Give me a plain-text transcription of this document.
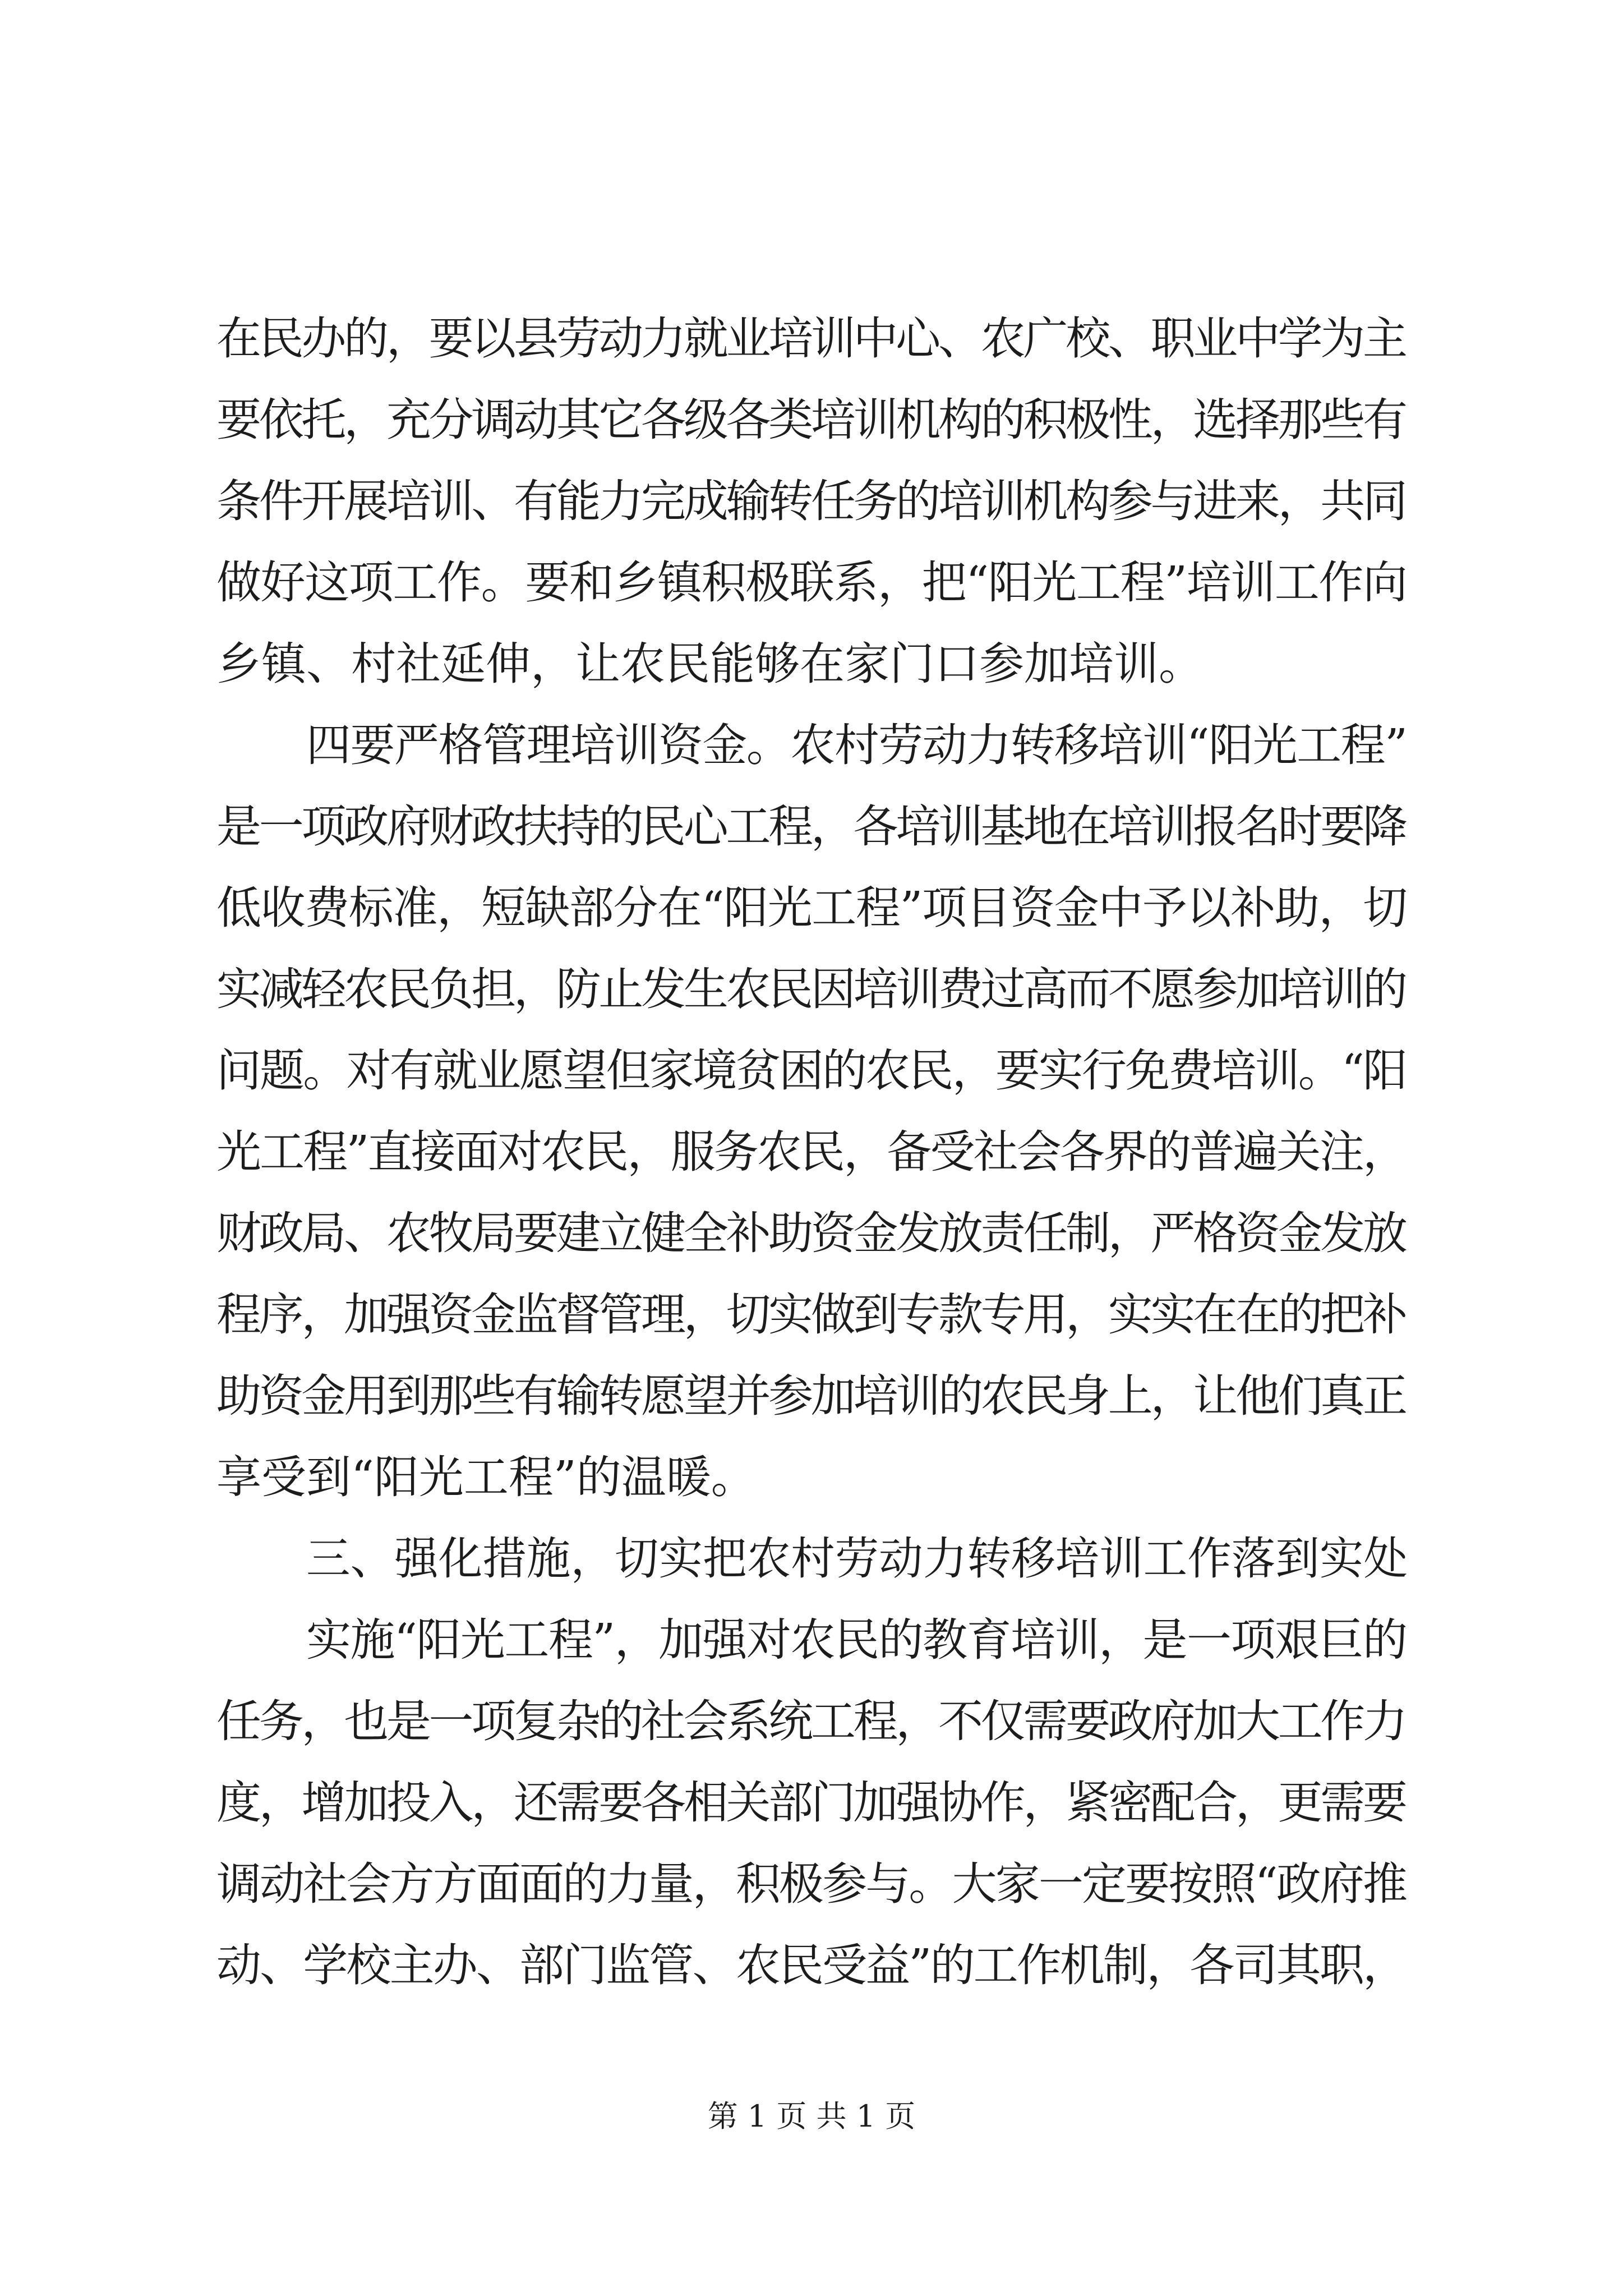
在民办的，要以县劳动力就业培训中心、农广校、职业中学为主
要依托，充分调动其它各级各类培训机构的积极性，选择那些有
条件开展培训、有能力完成输转任务的培训机构参与进来，共同
做好这项工作。要和乡镇积极联系，把“阳光工程”培训工作向
乡镇、村社延伸，让农民能够在家门口参加培训。
四要严格管理培训资金。农村劳动力转移培训“阳光工程”
是一项政府财政扶持的民心工程，各培训基地在培训报名时要降
低收费标准，短缺部分在“阳光工程”项目资金中予以补助，切
实减轻农民负担，防止发生农民因培训费过高而不愿参加培训的
问题。对有就业愿望但家境贫困的农民，要实行免费培训。“阳
光工程”直接面对农民，服务农民，备受社会各界的普遍关注，
财政局、农牧局要建立健全补助资金发放责任制，严格资金发放
程序，加强资金监督管理，切实做到专款专用，实实在在的把补
助资金用到那些有输转愿望并参加培训的农民身上，让他们真正
享受到“阳光工程”的温暖。
三、强化措施，切实把农村劳动力转移培训工作落到实处
实施“阳光工程”，加强对农民的教育培训，是一项艰巨的
任务，也是一项复杂的社会系统工程，不仅需要政府加大工作力
度，增加投入，还需要各相关部门加强协作，紧密配合，更需要
调动社会方方面面的力量，积极参与。大家一定要按照“政府推
动、学校主办、部门监管、农民受益”的工作机制，各司其职，
第 1 页 共 1 页
